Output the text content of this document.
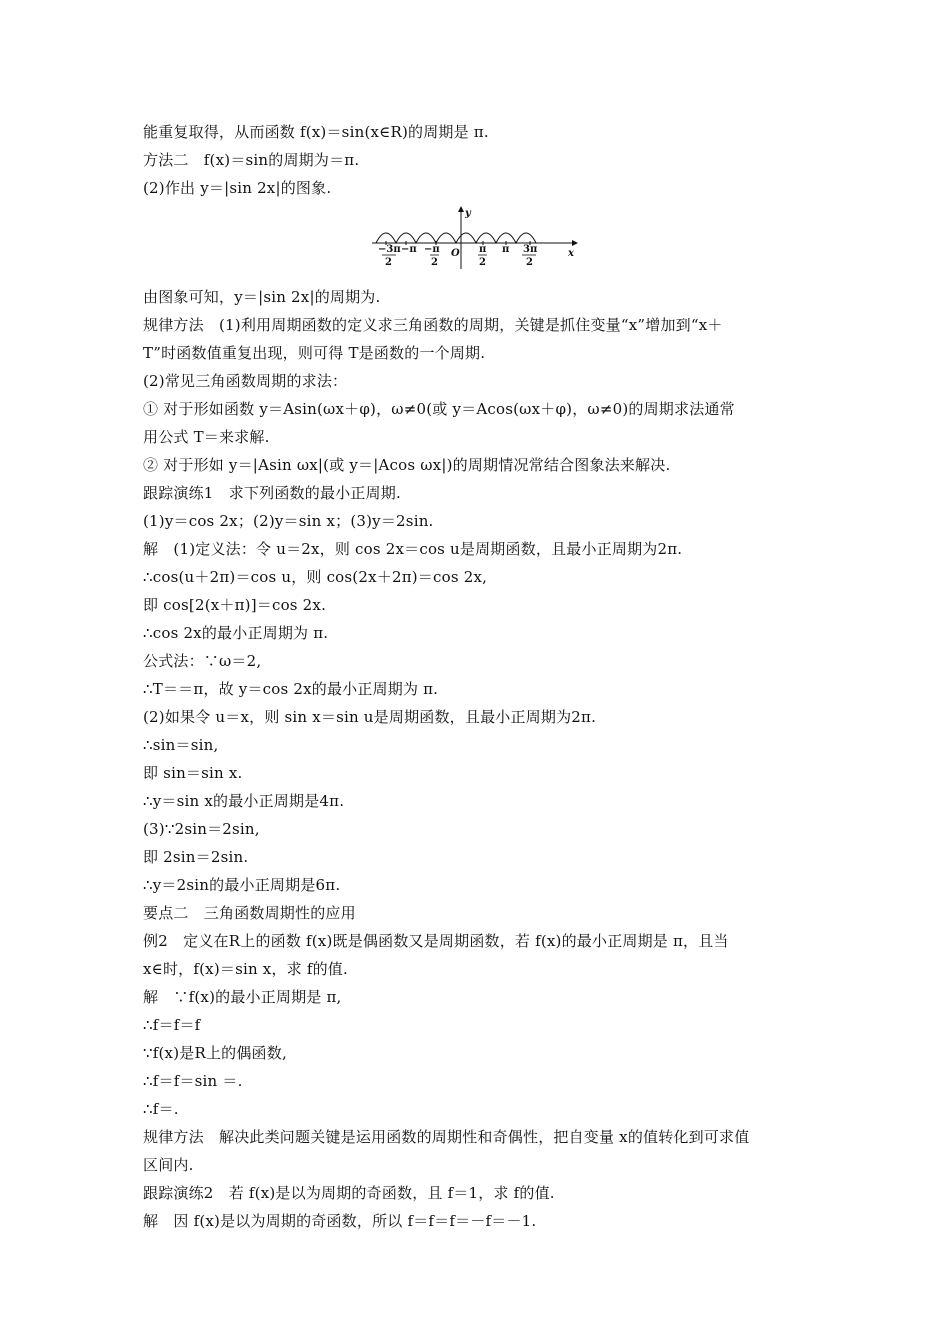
能重复取得，从而函数 f(x)＝sin(x∈R)的周期是 π.
方法二　f(x)＝sin的周期为＝π.
(2)作出 y＝|sin 2x|的图象.
由图象可知，y＝|sin 2x|的周期为.
规律方法　(1)利用周期函数的定义求三角函数的周期，关键是抓住变量“x”增加到“x＋
T”时函数值重复出现，则可得 T是函数的一个周期.
(2)常见三角函数周期的求法：
① 对于形如函数 y＝Asin(ωx＋φ)，ω≠0(或 y＝Acos(ωx＋φ)，ω≠0)的周期求法通常
用公式 T＝来求解.
② 对于形如 y＝|Asin ωx|(或 y＝|Acos ωx|)的周期情况常结合图象法来解决.
跟踪演练1　求下列函数的最小正周期.
(1)y＝cos 2x；(2)y＝sin x；(3)y＝2sin.
解　(1)定义法：令 u＝2x，则 cos 2x＝cos u是周期函数，且最小正周期为2π.
∴cos(u＋2π)＝cos u，则 cos(2x＋2π)＝cos 2x,
即 cos[2(x＋π)]＝cos 2x.
∴cos 2x的最小正周期为 π.
公式法：∵ω＝2,
∴T＝＝π，故 y＝cos 2x的最小正周期为 π.
(2)如果令 u＝x，则 sin x＝sin u是周期函数，且最小正周期为2π.
∴sin＝sin,
即 sin＝sin x.
∴y＝sin x的最小正周期是4π.
(3)∵2sin＝2sin,
即 2sin＝2sin.
∴y＝2sin的最小正周期是6π.
要点二　三角函数周期性的应用
例2　定义在R上的函数 f(x)既是偶函数又是周期函数，若 f(x)的最小正周期是 π，且当
x∈时，f(x)＝sin x，求 f的值.
解　∵f(x)的最小正周期是 π,
∴f＝f＝f
∵f(x)是R上的偶函数,
∴f＝f＝sin ＝.
∴f＝.
规律方法　解决此类问题关键是运用函数的周期性和奇偶性，把自变量 x的值转化到可求值
区间内.
跟踪演练2　若 f(x)是以为周期的奇函数，且 f＝1，求 f的值.
解　因 f(x)是以为周期的奇函数，所以 f＝f＝f＝－f＝－1.
y
x
O
−3π
2
−π −π
2
π
2
π 3π
2
